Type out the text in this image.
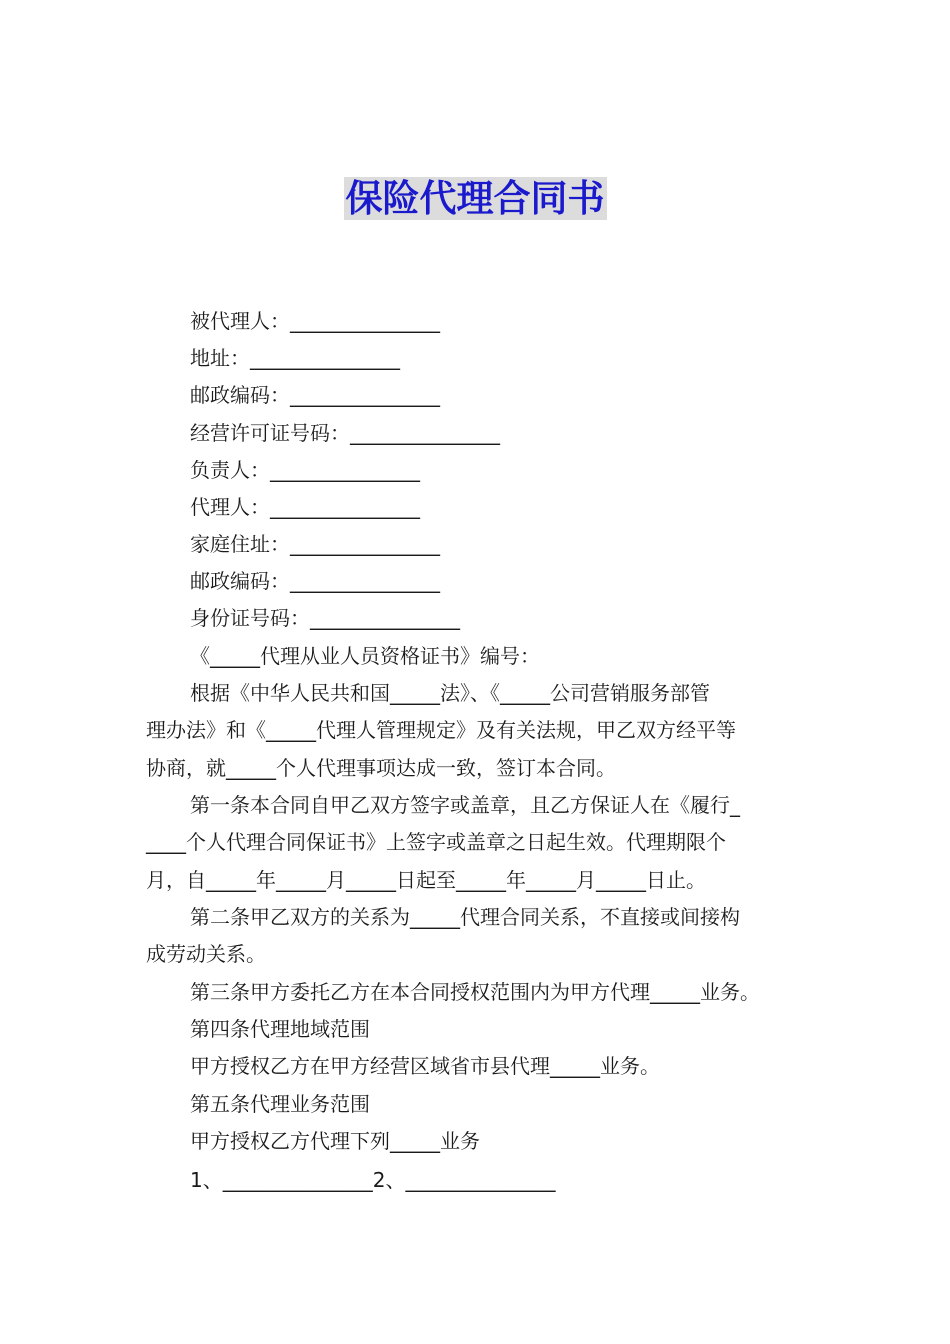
保险代理合同书
被代理人：_______________
地址：_______________
邮政编码：_______________
经营许可证号码：_______________
负责人：_______________
代理人：_______________
家庭住址：_______________
邮政编码：_______________
身份证号码：_______________
《_____代理从业人员资格证书》编号：
根据《中华人民共和国_____法》、《_____公司营销服务部管
理办法》和《_____代理人管理规定》及有关法规，甲乙双方经平等
协商，就_____个人代理事项达成一致，签订本合同。
第一条本合同自甲乙双方签字或盖章，且乙方保证人在《履行_
____个人代理合同保证书》上签字或盖章之日起生效。代理期限个
月，自_____年_____月_____日起至_____年_____月_____日止。
第二条甲乙双方的关系为_____代理合同关系，不直接或间接构
成劳动关系。
第三条甲方委托乙方在本合同授权范围内为甲方代理_____业务。
第四条代理地域范围
甲方授权乙方在甲方经营区域省市县代理_____业务。
第五条代理业务范围
甲方授权乙方代理下列_____业务
1、_______________2、_______________
